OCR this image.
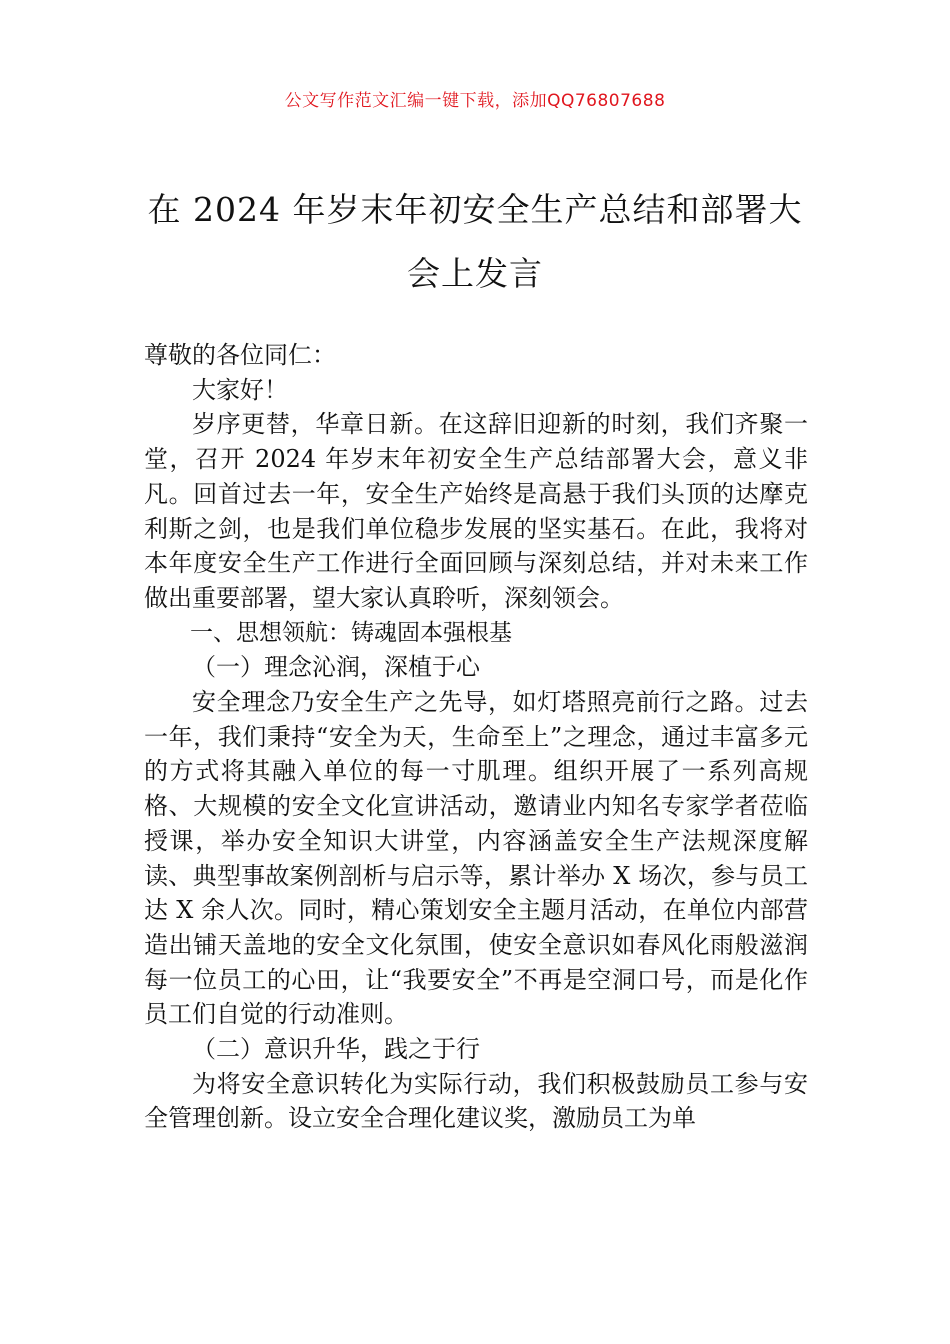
公文写作范文汇编一键下载，添加QQ76807688
在 2024 年岁末年初安全生产总结和部署大
会上发言

尊敬的各位同仁：

大家好！

岁序更替，华章日新。在这辞旧迎新的时刻，我们齐聚一堂，召开 2024 年岁末年初安全生产总结部署大会，意义非凡。回首过去一年，安全生产始终是高悬于我们头顶的达摩克利斯之剑，也是我们单位稳步发展的坚实基石。在此，我将对本年度安全生产工作进行全面回顾与深刻总结，并对未来工作做出重要部署，望大家认真聆听，深刻领会。

一、思想领航：铸魂固本强根基

（一）理念沁润，深植于心

安全理念乃安全生产之先导，如灯塔照亮前行之路。过去一年，我们秉持“安全为天，生命至上”之理念，通过丰富多元的方式将其融入单位的每一寸肌理。组织开展了一系列高规格、大规模的安全文化宣讲活动，邀请业内知名专家学者莅临授课，举办安全知识大讲堂，内容涵盖安全生产法规深度解读、典型事故案例剖析与启示等，累计举办 X 场次，参与员工达 X 余人次。同时，精心策划安全主题月活动，在单位内部营造出铺天盖地的安全文化氛围，使安全意识如春风化雨般滋润每一位员工的心田，让“我要安全”不再是空洞口号，而是化作员工们自觉的行动准则。

（二）意识升华，践之于行

为将安全意识转化为实际行动，我们积极鼓励员工参与安全管理创新。设立安全合理化建议奖，激励员工为单
